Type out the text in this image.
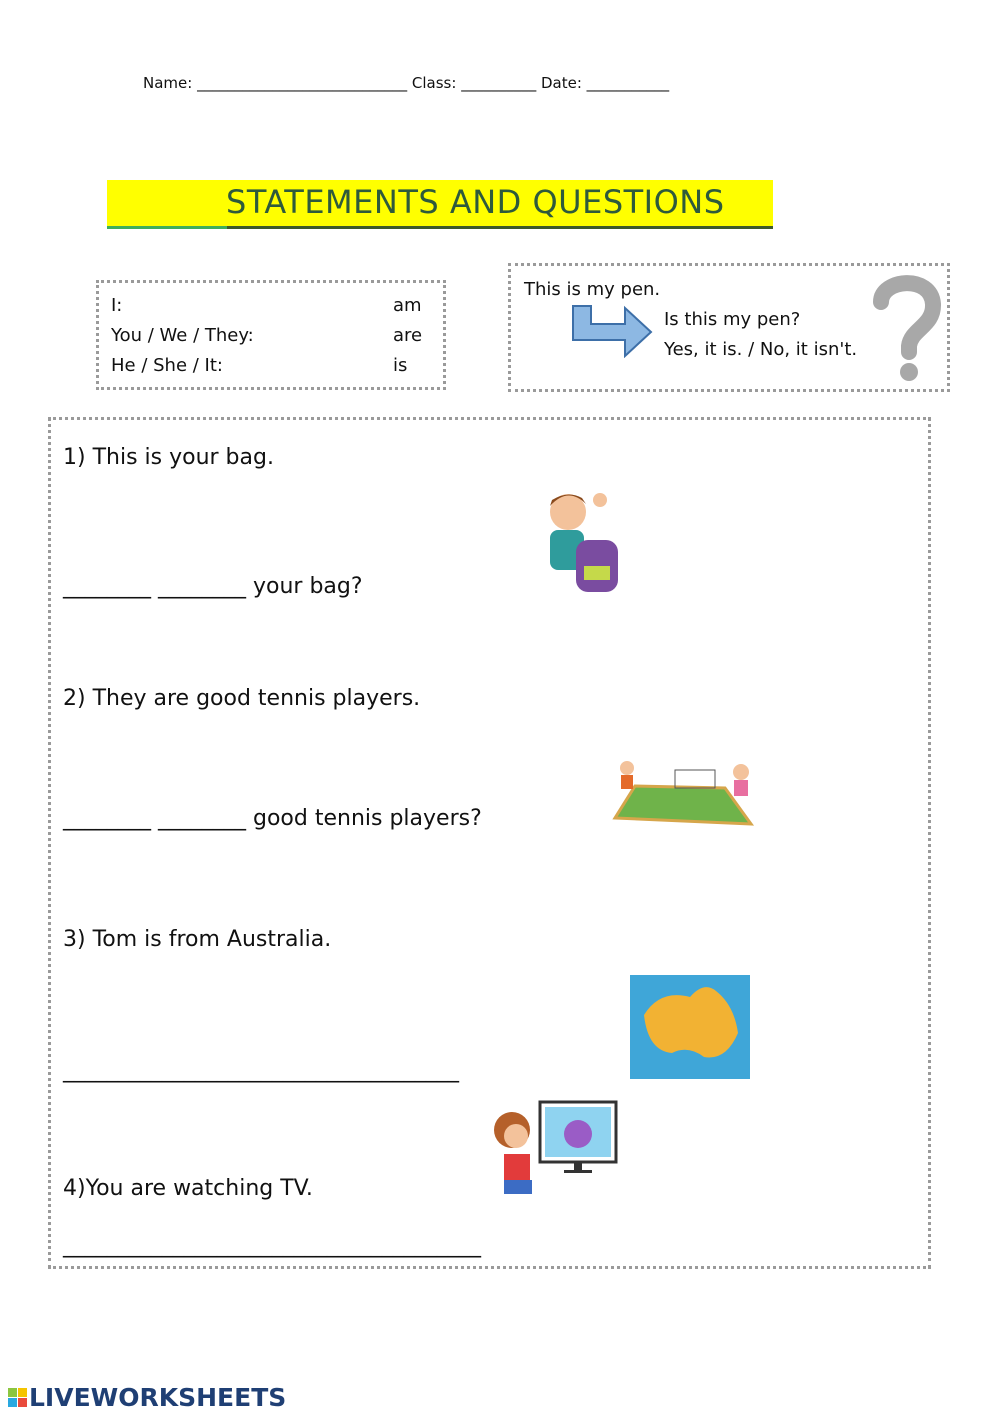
Name: ____________________________ Class: __________ Date: ___________
STATEMENTS AND QUESTIONS
I:	am
You / We / They:	are
He / She / It:	is
This is my pen.
Is this my pen?
Yes, it is. / No, it isn't.
1) This is your bag.
________ ________ your bag?
2) They are good tennis players.
________ ________ good tennis players?
3) Tom is from Australia.
____________________________________
4)You are watching TV.
______________________________________
LIVEWORKSHEETS
